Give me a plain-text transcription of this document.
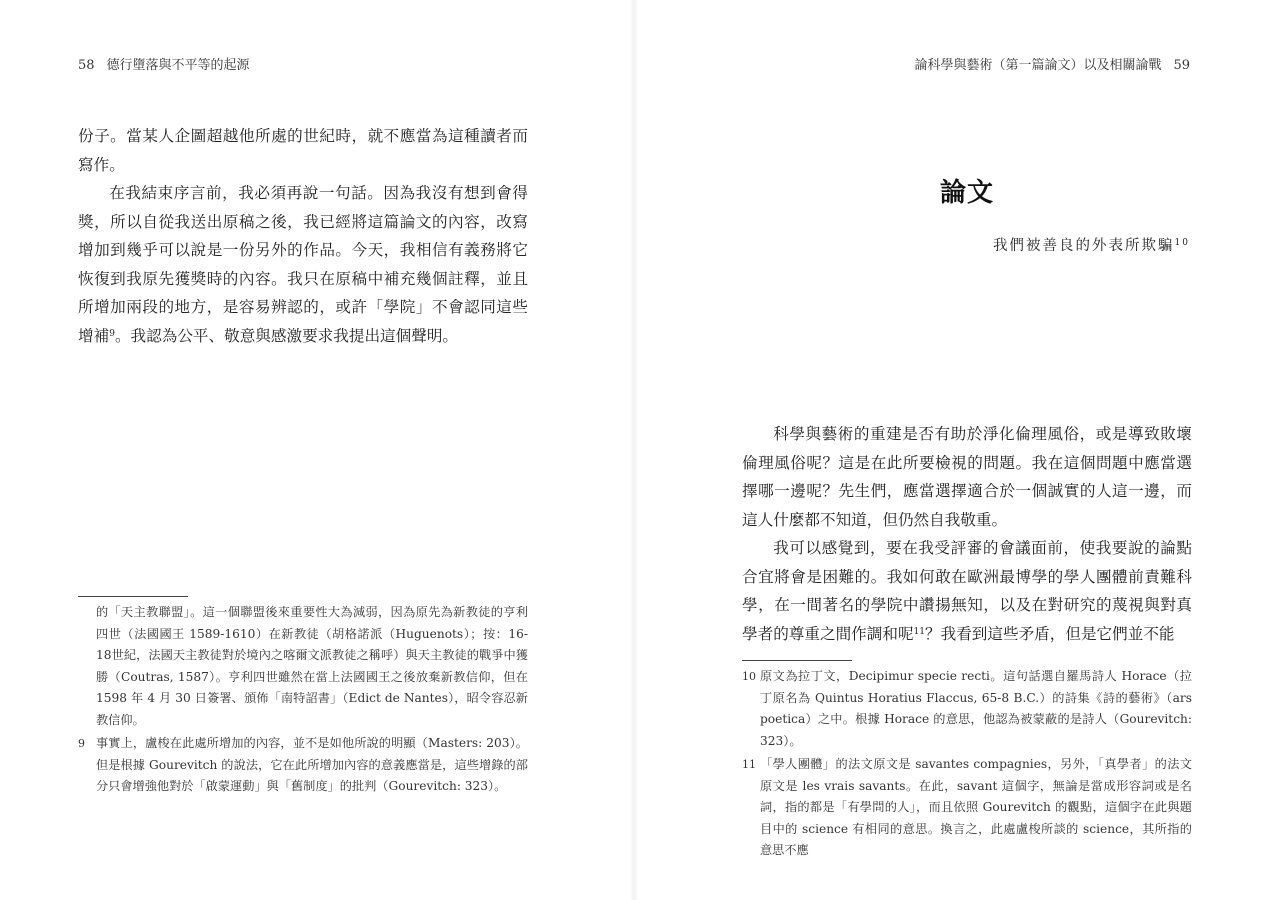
58 德行墮落與不平等的起源

份子。當某人企圖超越他所處的世紀時，就不應當為這種讀者而寫作。

在我結束序言前，我必須再說一句話。因為我沒有想到會得獎，所以自從我送出原稿之後，我已經將這篇論文的內容，改寫增加到幾乎可以說是一份另外的作品。今天，我相信有義務將它恢復到我原先獲獎時的內容。我只在原稿中補充幾個註釋，並且所增加兩段的地方，是容易辨認的，或許「學院」不會認同這些增補$^9$。我認為公平、敬意與感激要求我提出這個聲明。

的「天主教聯盟」。這一個聯盟後來重要性大為減弱，因為原先為新教徒的亨利四世（法國國王 1589-1610）在新教徒（胡格諾派（Huguenots）；按：16-18世紀，法國天主教徒對於境內之喀爾文派教徒之稱呼）與天主教徒的戰爭中獲勝（Coutras, 1587）。亨利四世雖然在當上法國國王之後放棄新教信仰，但在 1598 年 4 月 30 日簽署、頒佈「南特詔書」（Edict de Nantes），昭令容忍新教信仰。
9 事實上，盧梭在此處所增加的內容，並不是如他所說的明顯（Masters: 203）。但是根據 Gourevitch 的說法，它在此所增加內容的意義應當是，這些增錄的部分只會增強他對於「啟蒙運動」與「舊制度」的批判（Gourevitch: 323）。
論科學與藝術（第一篇論文）以及相關論戰 59
論文
我們被善良的外表所欺騙$^{10}$

科學與藝術的重建是否有助於淨化倫理風俗，或是導致敗壞倫理風俗呢？這是在此所要檢視的問題。我在這個問題中應當選擇哪一邊呢？先生們，應當選擇適合於一個誠實的人這一邊，而這人什麼都不知道，但仍然自我敬重。

我可以感覺到，要在我受評審的會議面前，使我要說的論點合宜將會是困難的。我如何敢在歐洲最博學的學人團體前責難科學，在一間著名的學院中讚揚無知，以及在對研究的蔑視與對真學者的尊重之間作調和呢$^{11}$？我看到這些矛盾，但是它們並不能

10 原文為拉丁文，Decipimur specie recti。這句話選自羅馬詩人 Horace（拉丁原名為 Quintus Horatius Flaccus, 65-8 B.C.）的詩集《詩的藝術》（ars poetica）之中。根據 Horace 的意思，他認為被蒙蔽的是詩人（Gourevitch: 323）。
11 「學人團體」的法文原文是 savantes compagnies，另外，「真學者」的法文原文是 les vrais savants。在此，savant 這個字，無論是當成形容詞或是名詞，指的都是「有學問的人」，而且依照 Gourevitch 的觀點，這個字在此與題目中的 science 有相同的意思。換言之，此處盧梭所談的 science，其所指的意思不應
